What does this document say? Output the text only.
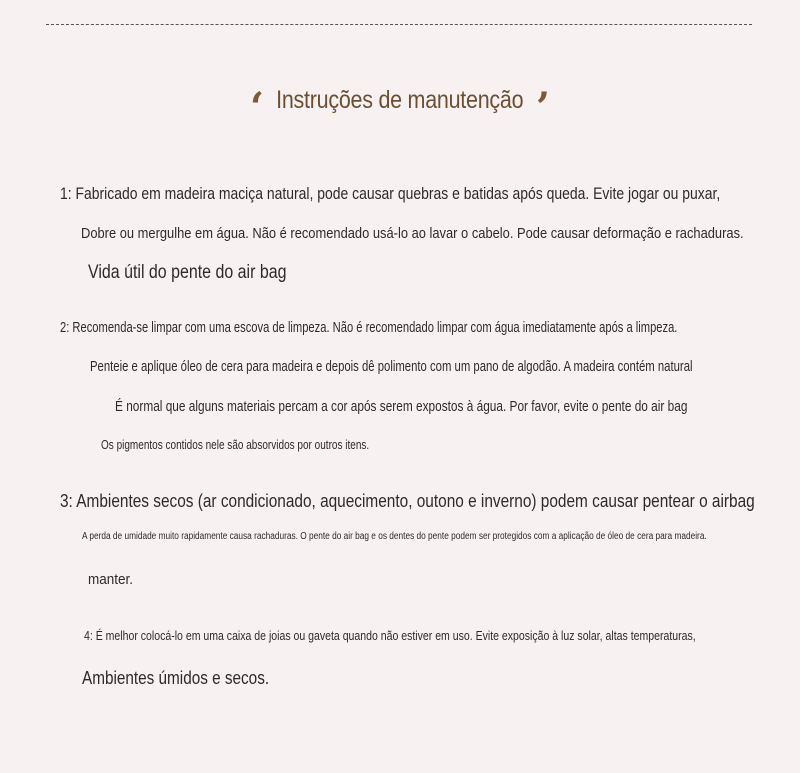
‘ Instruções de manutenção ’
1: Fabricado em madeira maciça natural, pode causar quebras e batidas após queda. Evite jogar ou puxar,
Dobre ou mergulhe em água. Não é recomendado usá-lo ao lavar o cabelo. Pode causar deformação e rachaduras.
Vida útil do pente do air bag
2: Recomenda-se limpar com uma escova de limpeza. Não é recomendado limpar com água imediatamente após a limpeza.
Penteie e aplique óleo de cera para madeira e depois dê polimento com um pano de algodão. A madeira contém natural
É normal que alguns materiais percam a cor após serem expostos à água. Por favor, evite o pente do air bag
Os pigmentos contidos nele são absorvidos por outros itens.
3: Ambientes secos (ar condicionado, aquecimento, outono e inverno) podem causar pentear o airbag
A perda de umidade muito rapidamente causa rachaduras. O pente do air bag e os dentes do pente podem ser protegidos com a aplicação de óleo de cera para madeira.
manter.
4: É melhor colocá-lo em uma caixa de joias ou gaveta quando não estiver em uso. Evite exposição à luz solar, altas temperaturas,
Ambientes úmidos e secos.
